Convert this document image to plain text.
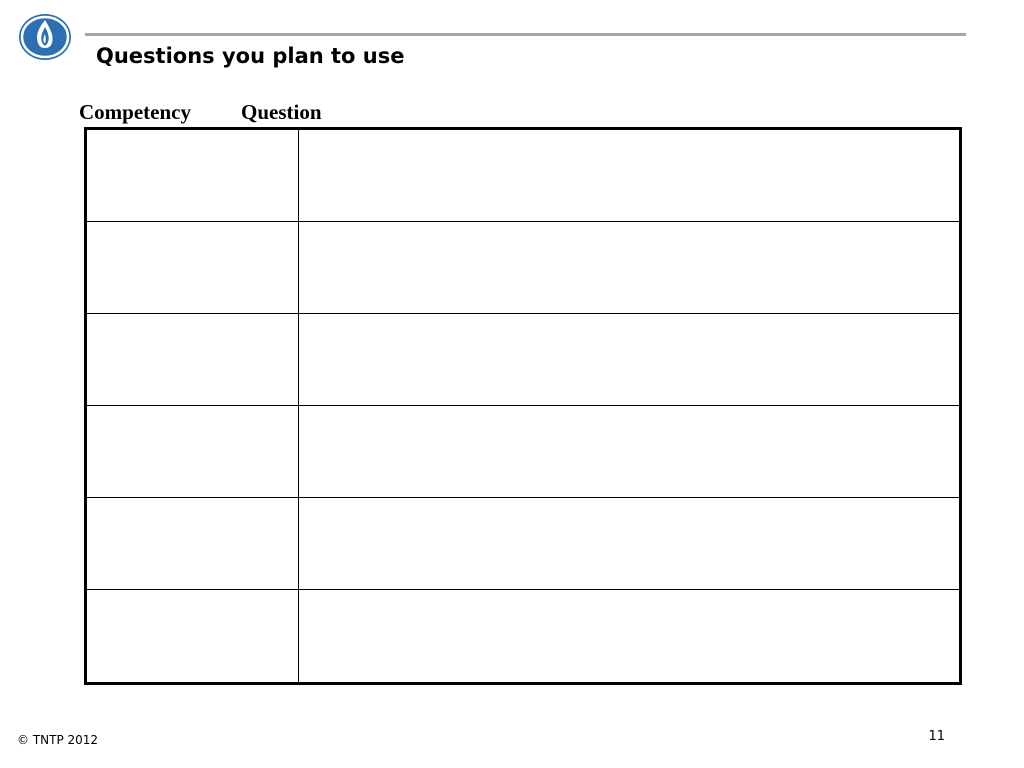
Questions you plan to use
Competency Question
© TNTP 2012	11
